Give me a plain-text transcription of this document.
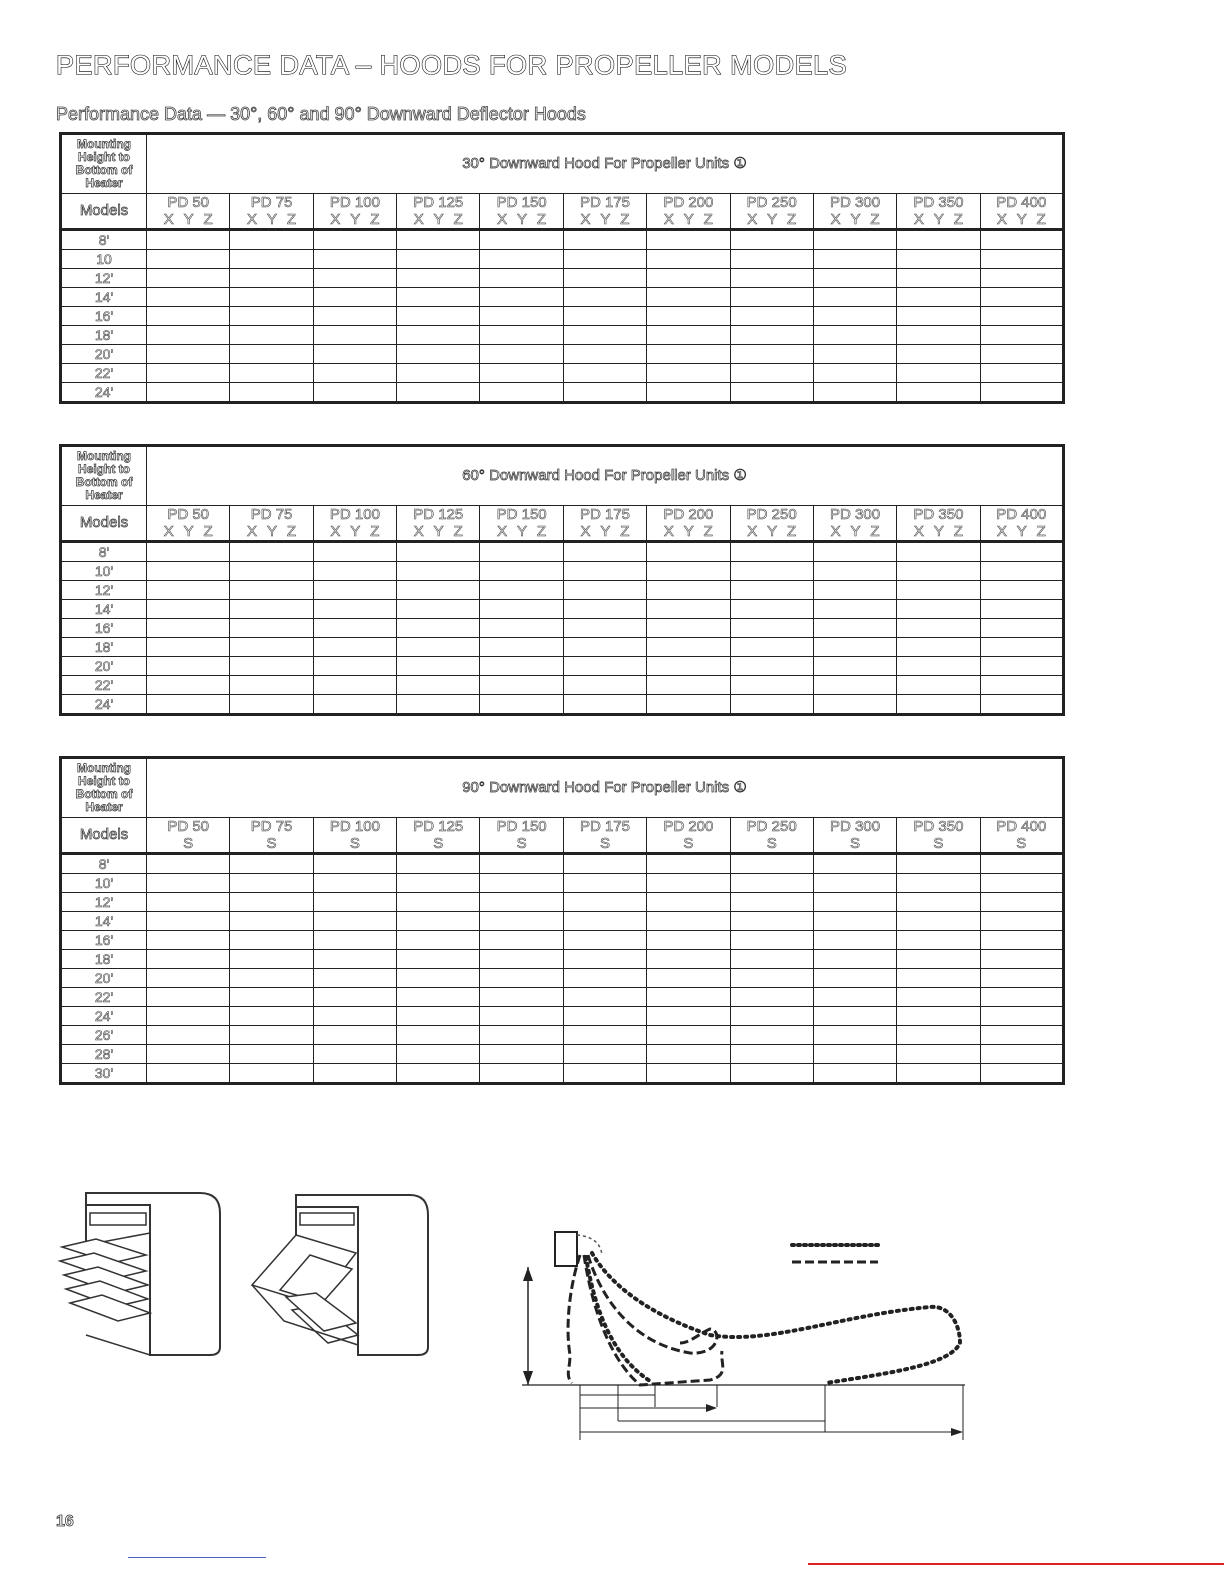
PERFORMANCE DATA – HOODS FOR PROPELLER MODELS
Performance Data — 30°, 60° and 90° Downward Deflector Hoods
Mounting Height to Bottom of Heater	30° Downward Hood For Propeller Units ①										
Models	PD 50	PD 75	PD 100	PD 125	PD 150	PD 175	PD 200	PD 250	PD 300	PD 350	PD 400
	X Y Z	X Y Z	X Y Z	X Y Z	X Y Z	X Y Z	X Y Z	X Y Z	X Y Z	X Y Z	X Y Z
8'											
10											
12'											
14'											
16'											
18'											
20'											
22'											
24'											
Mounting Height to Bottom of Heater	60° Downward Hood For Propeller Units ①										
Models	PD 50	PD 75	PD 100	PD 125	PD 150	PD 175	PD 200	PD 250	PD 300	PD 350	PD 400
	X Y Z	X Y Z	X Y Z	X Y Z	X Y Z	X Y Z	X Y Z	X Y Z	X Y Z	X Y Z	X Y Z
8'											
10'											
12'											
14'											
16'											
18'											
20'											
22'											
24'											
Mounting Height to Bottom of Heater	90° Downward Hood For Propeller Units ①										
Models	PD 50	PD 75	PD 100	PD 125	PD 150	PD 175	PD 200	PD 250	PD 300	PD 350	PD 400
	S	S	S	S	S	S	S	S	S	S	S
8'											
10'											
12'											
14'											
16'											
18'											
20'											
22'											
24'											
26'											
28'											
30'											
16
